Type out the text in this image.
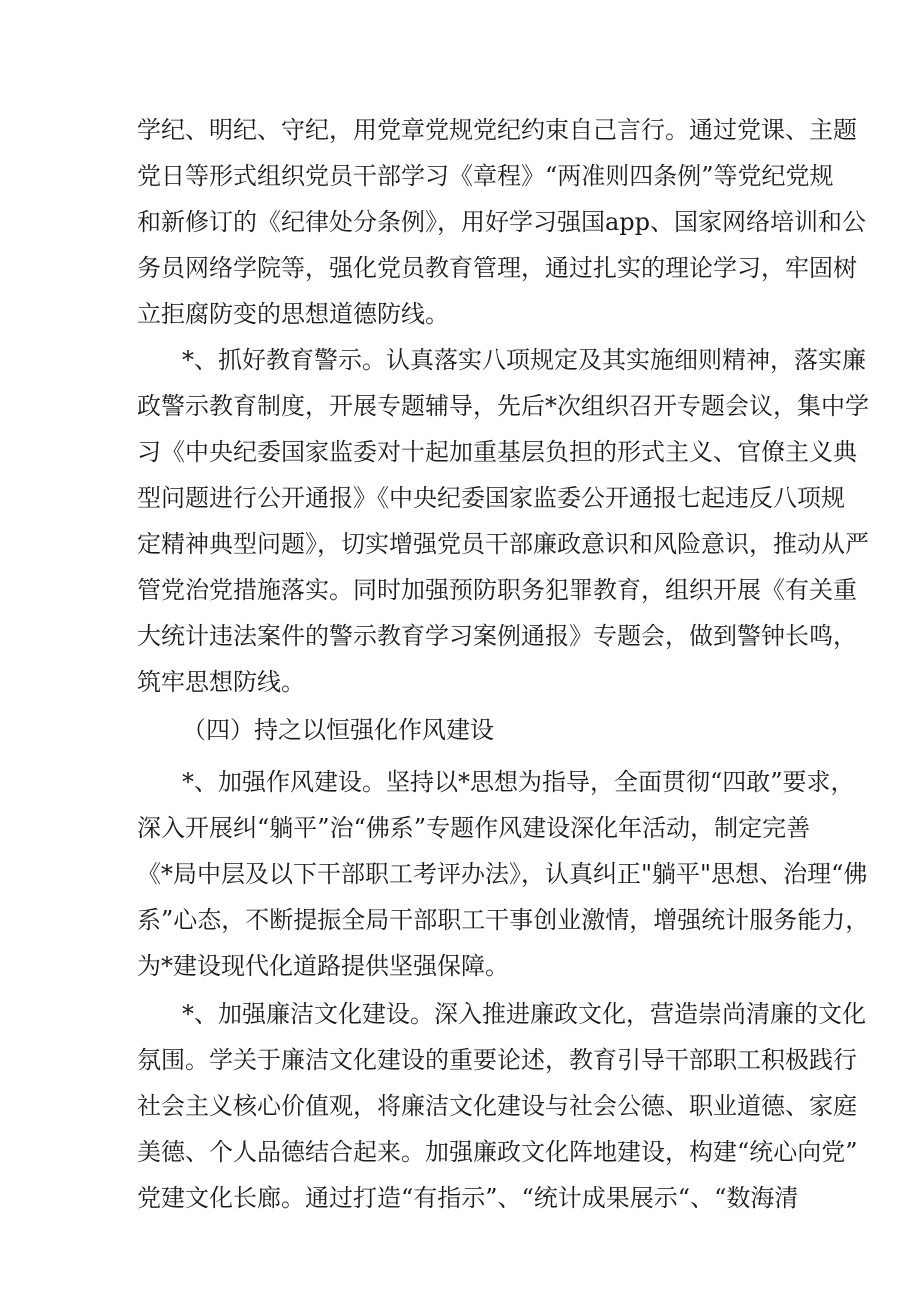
学纪、明纪、守纪，用党章党规党纪约束自己言行。通过党课、主题
党日等形式组织党员干部学习《章程》“两准则四条例”等党纪党规
和新修订的《纪律处分条例》，用好学习强国app、国家网络培训和公
务员网络学院等，强化党员教育管理，通过扎实的理论学习，牢固树
立拒腐防变的思想道德防线。
*、抓好教育警示。认真落实八项规定及其实施细则精神，落实廉
政警示教育制度，开展专题辅导，先后*次组织召开专题会议，集中学
习《中央纪委国家监委对十起加重基层负担的形式主义、官僚主义典
型问题进行公开通报》《中央纪委国家监委公开通报七起违反八项规
定精神典型问题》，切实增强党员干部廉政意识和风险意识，推动从严
管党治党措施落实。同时加强预防职务犯罪教育，组织开展《有关重
大统计违法案件的警示教育学习案例通报》专题会，做到警钟长鸣，
筑牢思想防线。
（四）持之以恒强化作风建设
*、加强作风建设。坚持以*思想为指导，全面贯彻“四敢”要求，
深入开展纠“躺平”治“佛系”专题作风建设深化年活动，制定完善
《*局中层及以下干部职工考评办法》，认真纠正"躺平"思想、治理“佛
系”心态，不断提振全局干部职工干事创业激情，增强统计服务能力，
为*建设现代化道路提供坚强保障。
*、加强廉洁文化建设。深入推进廉政文化，营造崇尚清廉的文化
氛围。学关于廉洁文化建设的重要论述，教育引导干部职工积极践行
社会主义核心价值观，将廉洁文化建设与社会公德、职业道德、家庭
美德、个人品德结合起来。加强廉政文化阵地建设，构建“统心向党”
党建文化长廊。通过打造“有指示”、“统计成果展示“、“数海清
